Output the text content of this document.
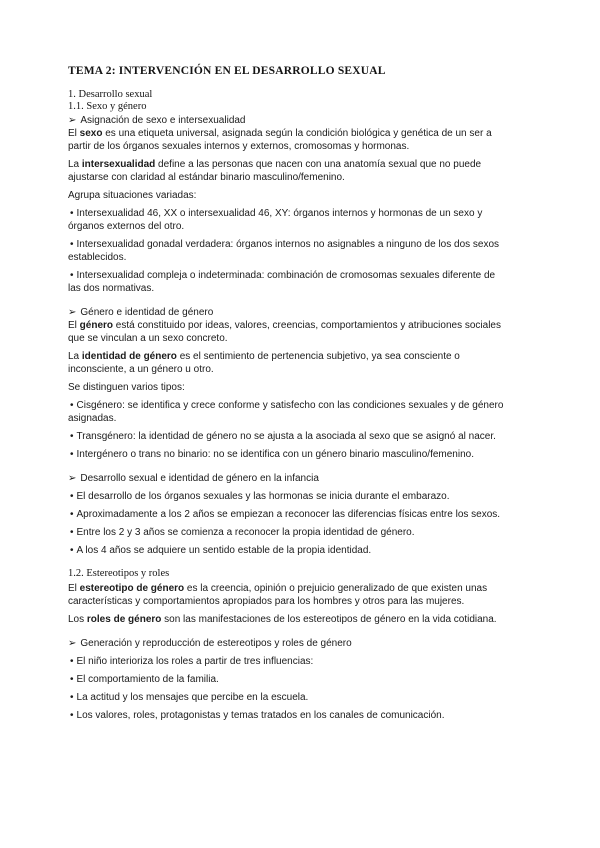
TEMA 2: INTERVENCIÓN EN EL DESARROLLO SEXUAL
1. Desarrollo sexual
1.1. Sexo y género
➢ Asignación de sexo e intersexualidad
El sexo es una etiqueta universal, asignada según la condición biológica y genética de un ser a partir de los órganos sexuales internos y externos, cromosomas y hormonas.
La intersexualidad define a las personas que nacen con una anatomía sexual que no puede ajustarse con claridad al estándar binario masculino/femenino.
Agrupa situaciones variadas:
• Intersexualidad 46, XX o intersexualidad 46, XY: órganos internos y hormonas de un sexo y órganos externos del otro.
• Intersexualidad gonadal verdadera: órganos internos no asignables a ninguno de los dos sexos establecidos.
• Intersexualidad compleja o indeterminada: combinación de cromosomas sexuales diferente de las dos normativas.
➢ Género e identidad de género
El género está constituido por ideas, valores, creencias, comportamientos y atribuciones sociales que se vinculan a un sexo concreto.
La identidad de género es el sentimiento de pertenencia subjetivo, ya sea consciente o inconsciente, a un género u otro.
Se distinguen varios tipos:
• Cisgénero: se identifica y crece conforme y satisfecho con las condiciones sexuales y de género asignadas.
• Transgénero: la identidad de género no se ajusta a la asociada al sexo que se asignó al nacer.
• Intergénero o trans no binario: no se identifica con un género binario masculino/femenino.
➢ Desarrollo sexual e identidad de género en la infancia
• El desarrollo de los órganos sexuales y las hormonas se inicia durante el embarazo.
• Aproximadamente a los 2 años se empiezan a reconocer las diferencias físicas entre los sexos.
• Entre los 2 y 3 años se comienza a reconocer la propia identidad de género.
• A los 4 años se adquiere un sentido estable de la propia identidad.
1.2. Estereotipos y roles
El estereotipo de género es la creencia, opinión o prejuicio generalizado de que existen unas características y comportamientos apropiados para los hombres y otros para las mujeres.
Los roles de género son las manifestaciones de los estereotipos de género en la vida cotidiana.
➢ Generación y reproducción de estereotipos y roles de género
• El niño interioriza los roles a partir de tres influencias:
• El comportamiento de la familia.
• La actitud y los mensajes que percibe en la escuela.
• Los valores, roles, protagonistas y temas tratados en los canales de comunicación.
